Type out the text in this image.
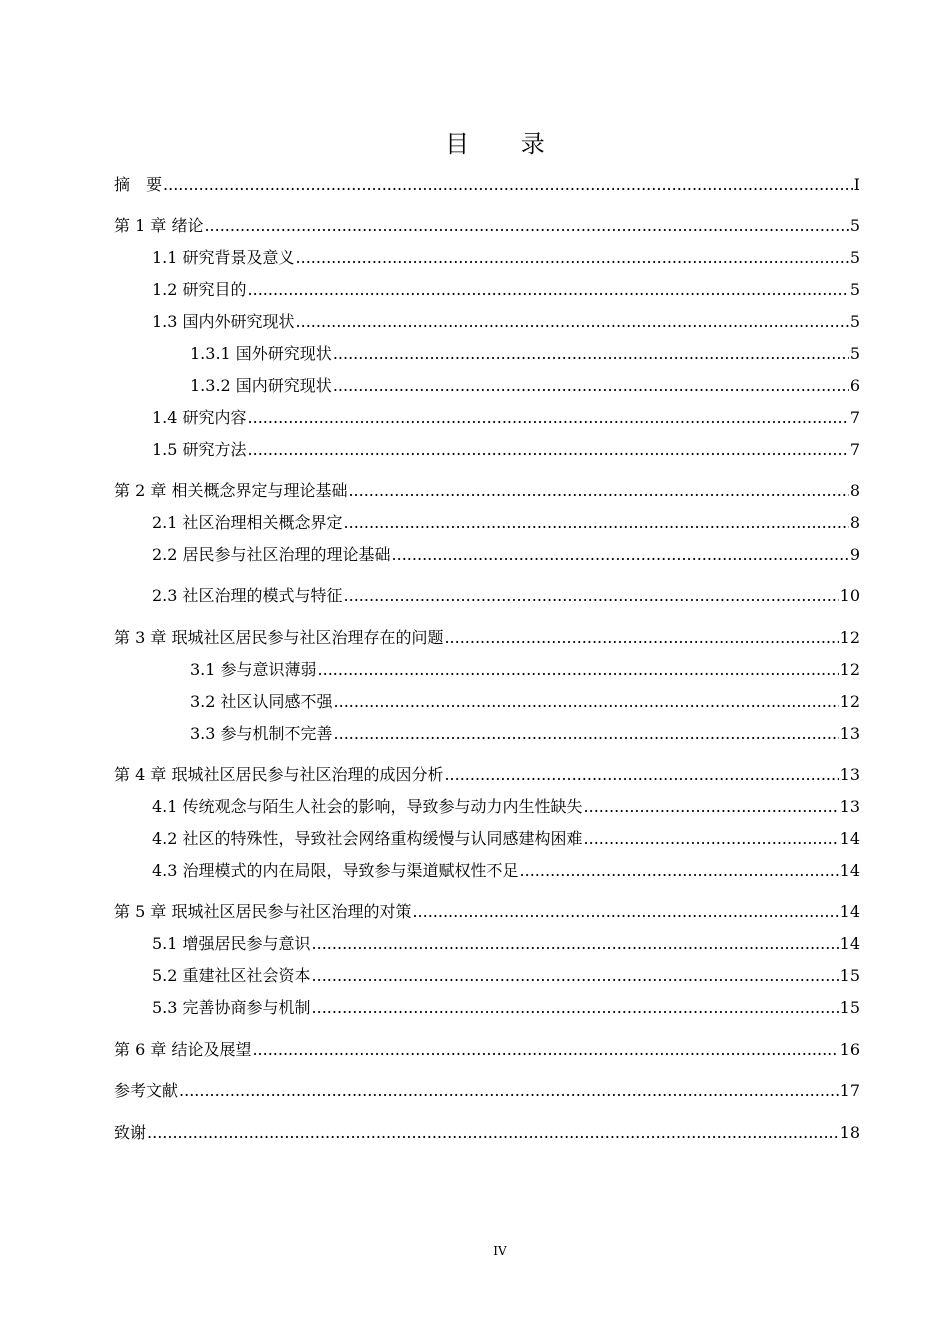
目 录
摘　要 .....	I
第 1 章 绪论 .....	5
1.1 研究背景及意义 .....	5
1.2 研究目的 .....	5
1.3 国内外研究现状 .....	5
1.3.1 国外研究现状 .....	5
1.3.2 国内研究现状 .....	6
1.4 研究内容 .....	7
1.5 研究方法 .....	7
第 2 章 相关概念界定与理论基础 .....	8
2.1 社区治理相关概念界定 .....	8
2.2 居民参与社区治理的理论基础 .....	9
2.3 社区治理的模式与特征 .....	10
第 3 章 珉城社区居民参与社区治理存在的问题 .....	12
3.1 参与意识薄弱 .....	12
3.2 社区认同感不强 .....	12
3.3 参与机制不完善 .....	13
第 4 章 珉城社区居民参与社区治理的成因分析 .....	13
4.1 传统观念与陌生人社会的影响，导致参与动力内生性缺失 .....	13
4.2 社区的特殊性，导致社会网络重构缓慢与认同感建构困难 .....	14
4.3 治理模式的内在局限，导致参与渠道赋权性不足 .....	14
第 5 章 珉城社区居民参与社区治理的对策 .....	14
5.1 增强居民参与意识 .....	14
5.2 重建社区社会资本 .....	15
5.3 完善协商参与机制 .....	15
第 6 章 结论及展望 .....	16
参考文献 .....	17
致谢 .....	18
IV
